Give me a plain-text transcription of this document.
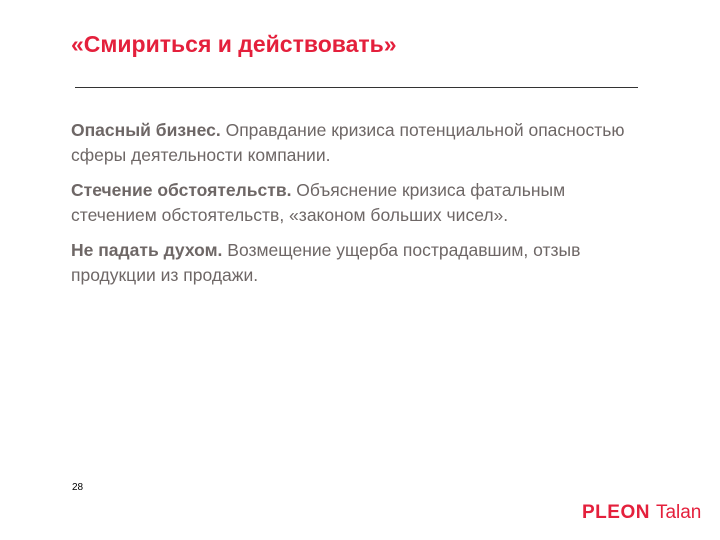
«Смириться и действовать»

Опасный бизнес. Оправдание кризиса потенциальной опасностью сферы деятельности компании.

Стечение обстоятельств. Объяснение кризиса фатальным стечением обстоятельств, «законом больших чисел».

Не падать духом. Возмещение ущерба пострадавшим, отзыв продукции из продажи.

28
PLEON Talan
